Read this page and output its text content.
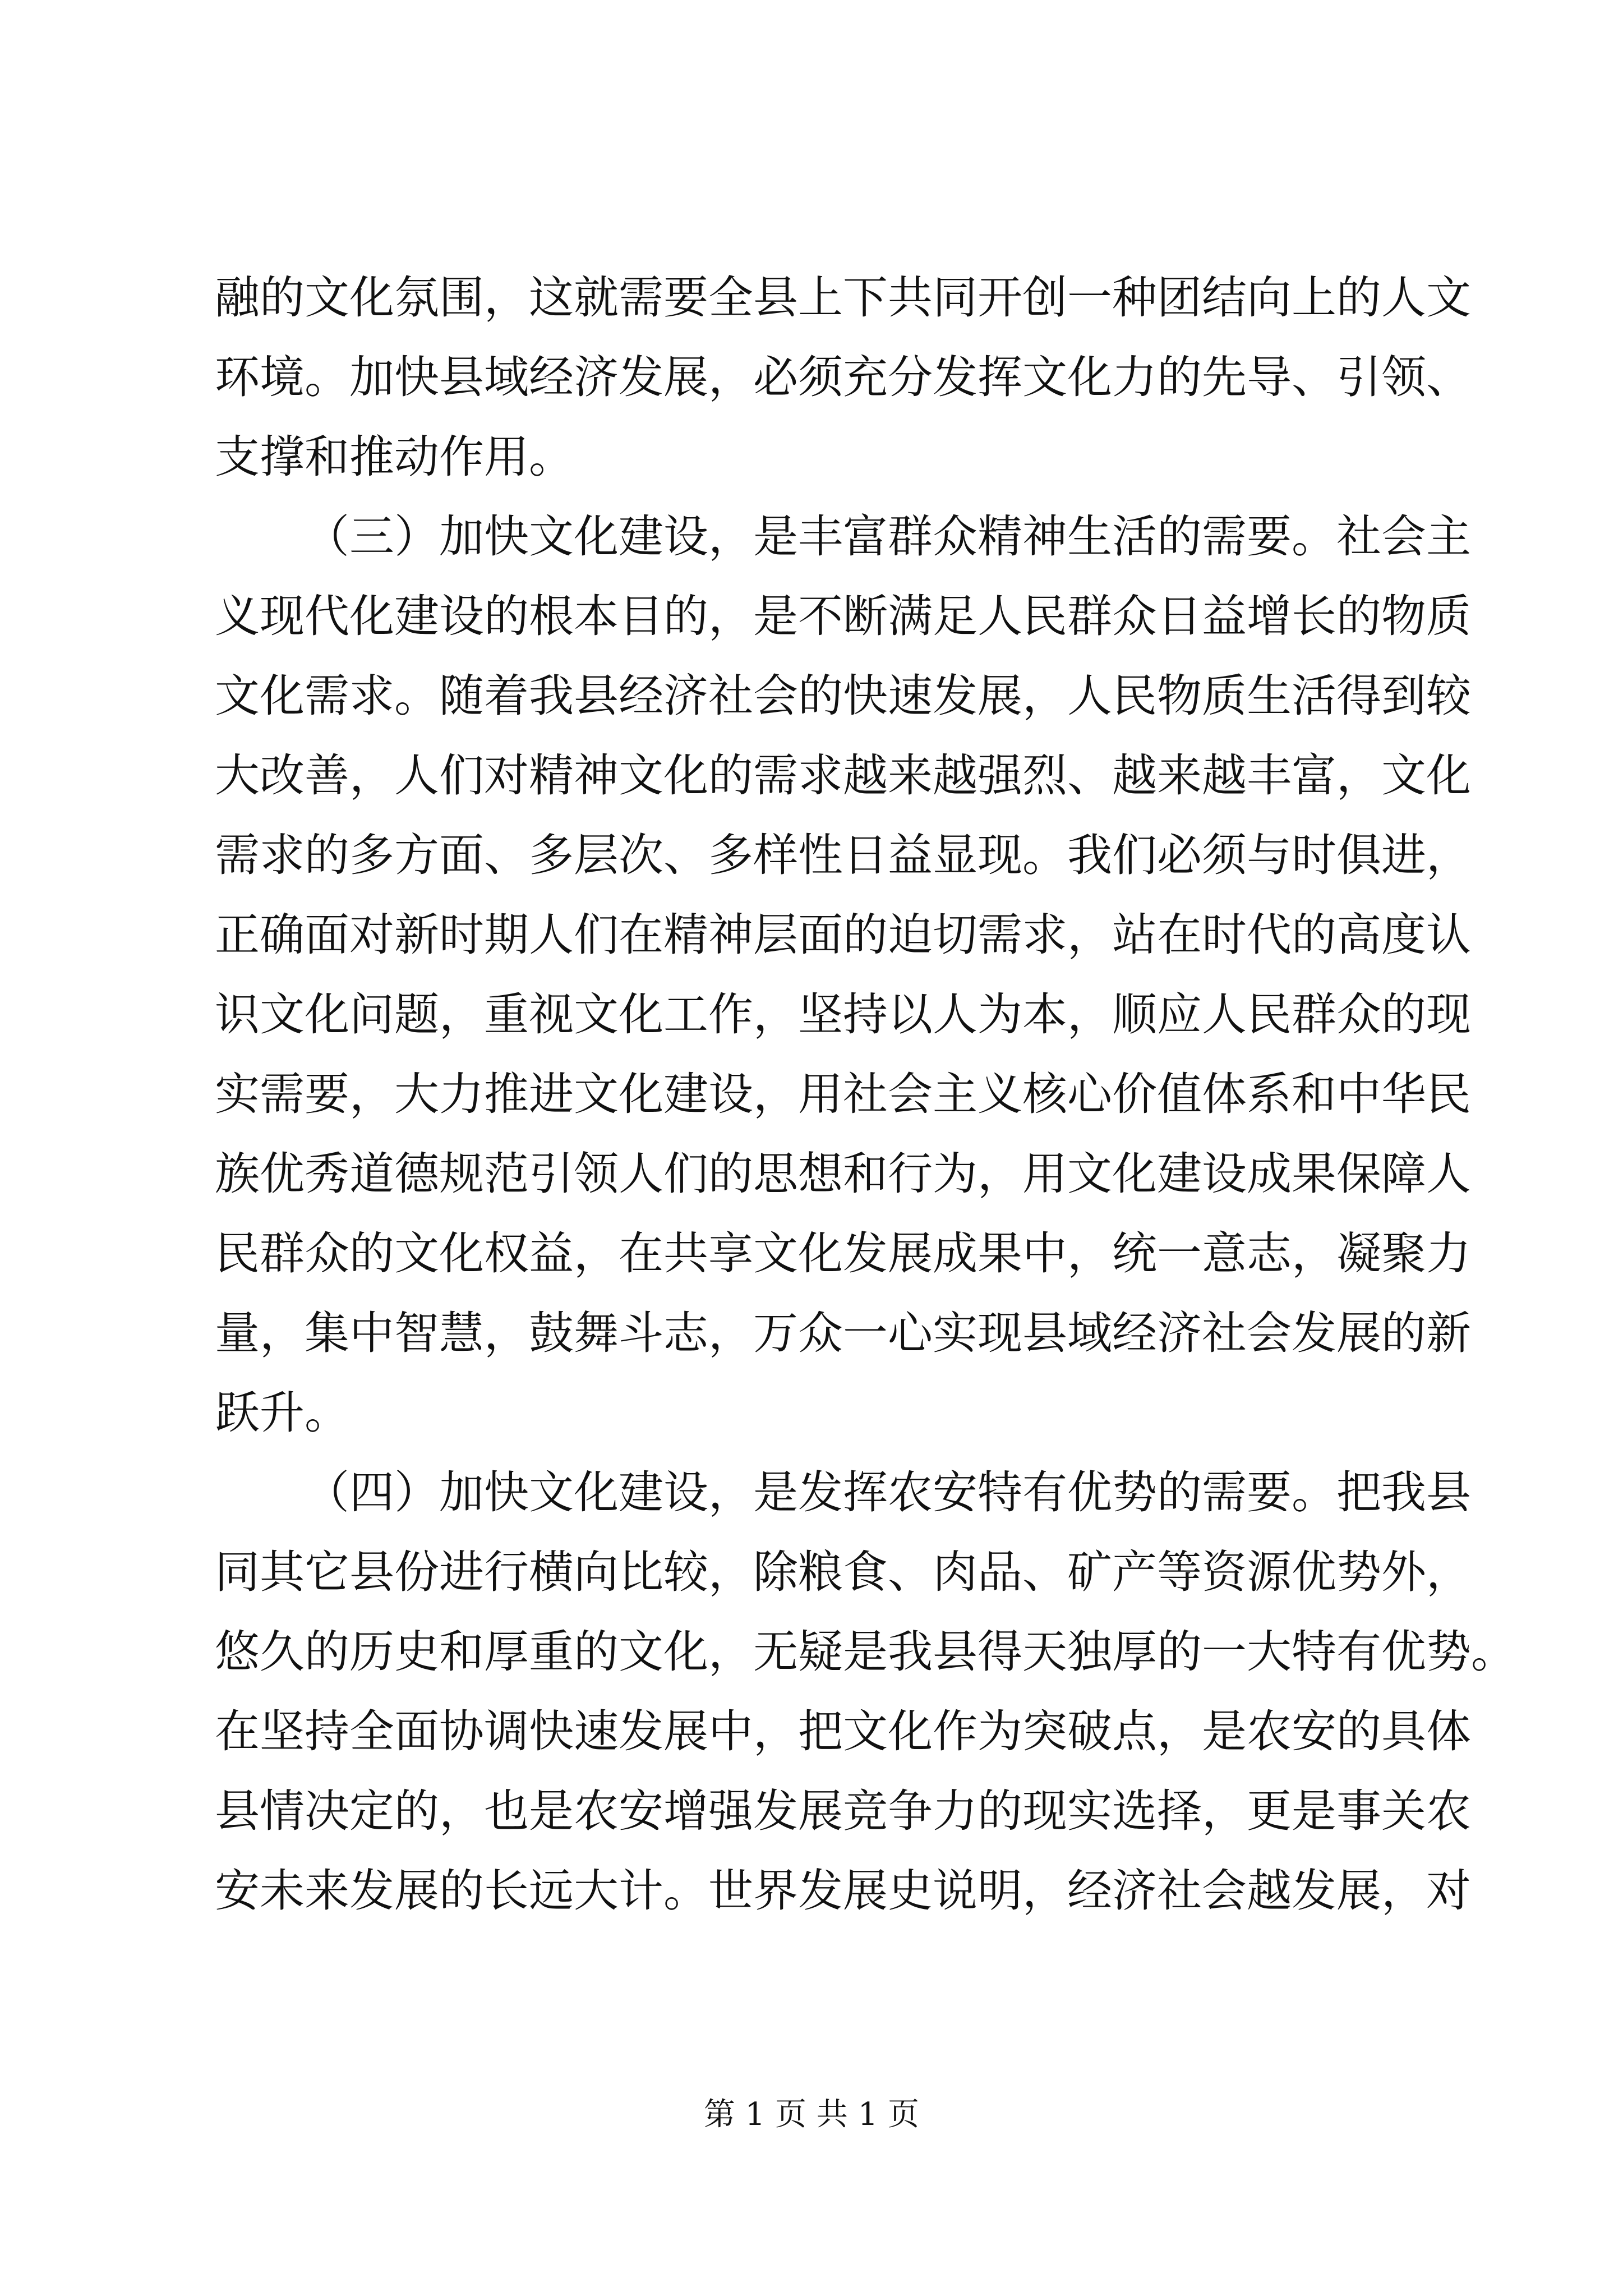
融的文化氛围，这就需要全县上下共同开创一种团结向上的人文
环境。加快县域经济发展，必须充分发挥文化力的先导、引领、
支撑和推动作用。
（三）加快文化建设，是丰富群众精神生活的需要。社会主
义现代化建设的根本目的，是不断满足人民群众日益增长的物质
文化需求。随着我县经济社会的快速发展，人民物质生活得到较
大改善，人们对精神文化的需求越来越强烈、越来越丰富，文化
需求的多方面、多层次、多样性日益显现。我们必须与时俱进，
正确面对新时期人们在精神层面的迫切需求，站在时代的高度认
识文化问题，重视文化工作，坚持以人为本，顺应人民群众的现
实需要，大力推进文化建设，用社会主义核心价值体系和中华民
族优秀道德规范引领人们的思想和行为，用文化建设成果保障人
民群众的文化权益，在共享文化发展成果中，统一意志，凝聚力
量，集中智慧，鼓舞斗志，万众一心实现县域经济社会发展的新
跃升。
（四）加快文化建设，是发挥农安特有优势的需要。把我县
同其它县份进行横向比较，除粮食、肉品、矿产等资源优势外，
悠久的历史和厚重的文化，无疑是我县得天独厚的一大特有优势。
在坚持全面协调快速发展中，把文化作为突破点，是农安的具体
县情决定的，也是农安增强发展竞争力的现实选择，更是事关农
安未来发展的长远大计。世界发展史说明，经济社会越发展，对
第 1 页 共 1 页
